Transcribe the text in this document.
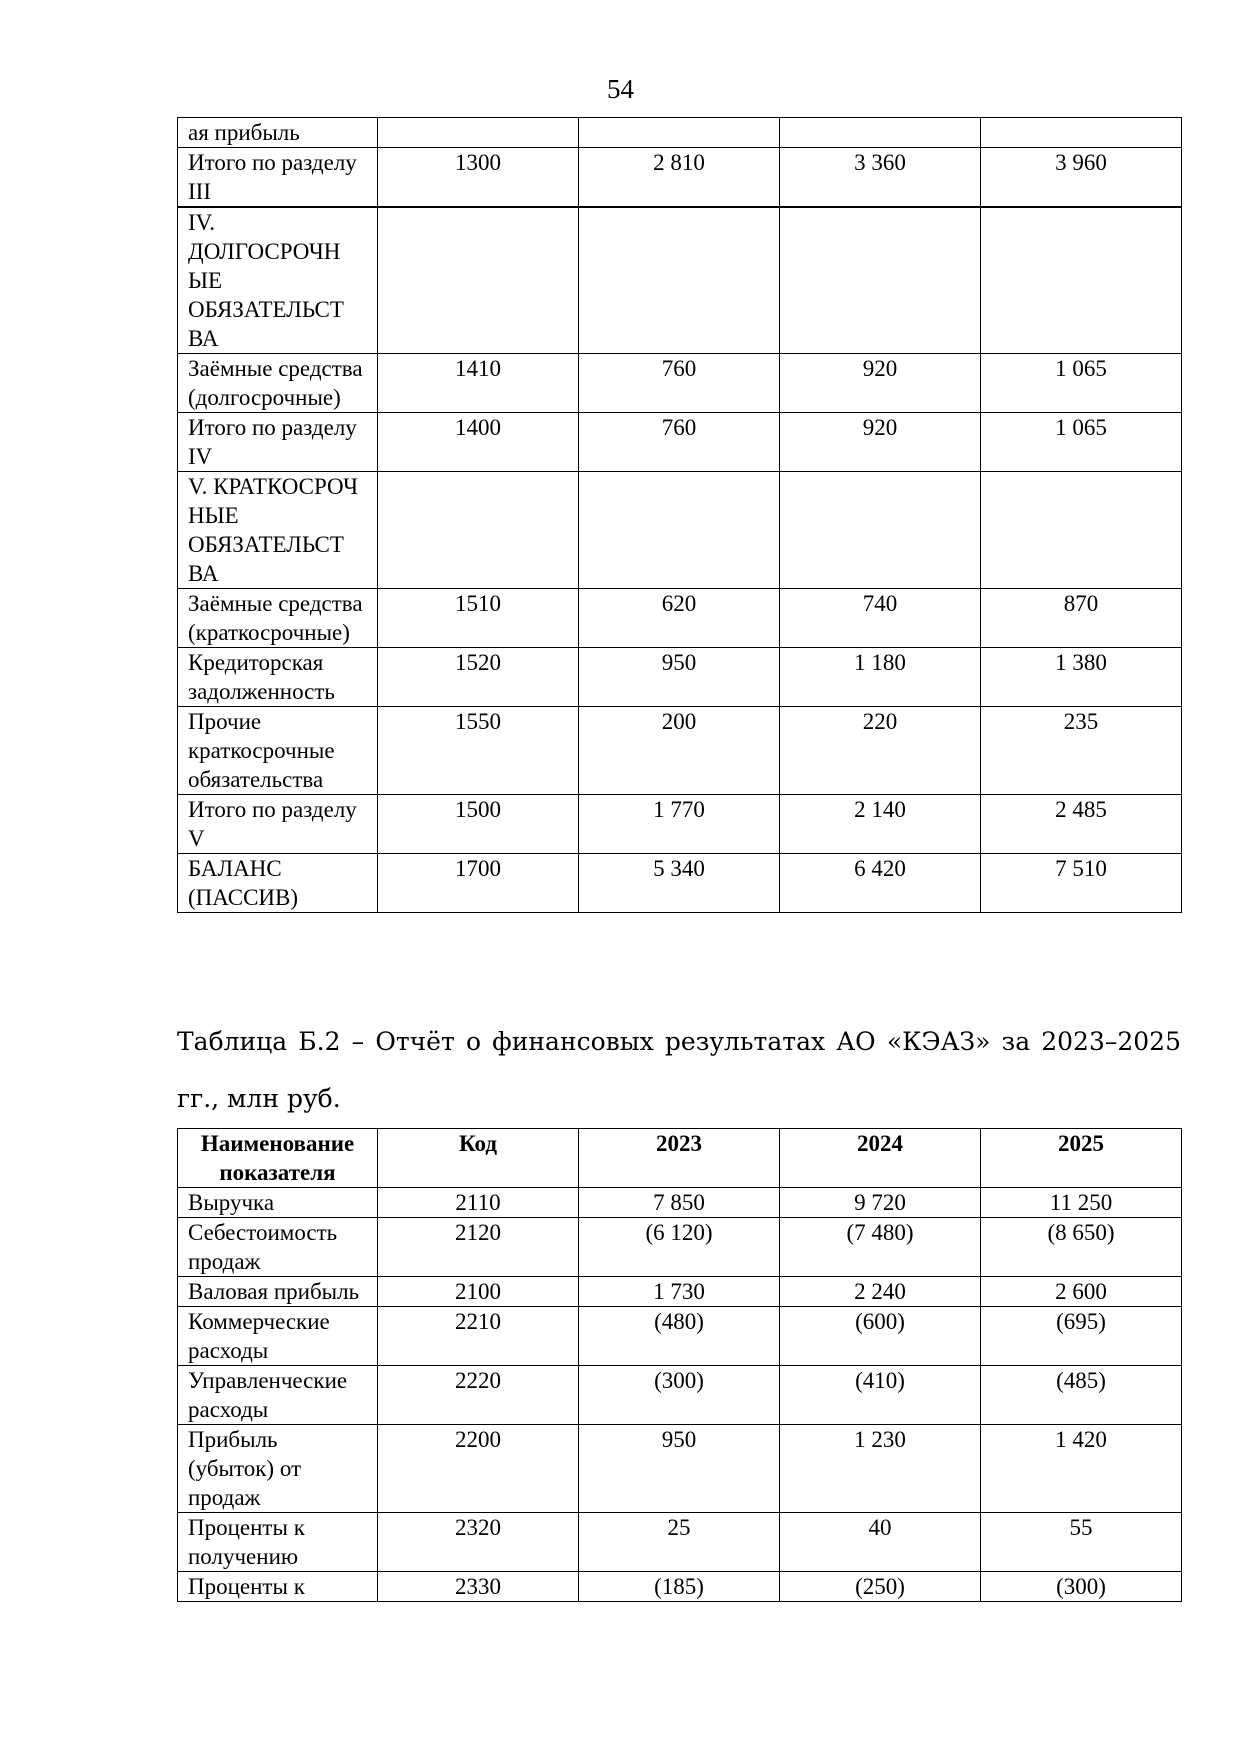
54
ая прибыль				
Итого по разделу III	1300	2 810	3 360	3 960
IV. ДОЛГОСРОЧН ЫЕ ОБЯЗАТЕЛЬСТ ВА				
Заёмные средства (долгосрочные)	1410	760	920	1 065
Итого по разделу IV	1400	760	920	1 065
V. КРАТКОСРОЧ НЫЕ ОБЯЗАТЕЛЬСТ ВА				
Заёмные средства (краткосрочные)	1510	620	740	870
Кредиторская задолженность	1520	950	1 180	1 380
Прочие краткосрочные обязательства	1550	200	220	235
Итого по разделу V	1500	1 770	2 140	2 485
БАЛАНС (ПАССИВ)	1700	5 340	6 420	7 510
Таблица Б.2 – Отчёт о финансовых результатах АО «КЭАЗ» за 2023–2025 гг., млн руб.
Наименование показателя	Код	2023	2024	2025
Выручка	2110	7 850	9 720	11 250
Себестоимость продаж	2120	(6 120)	(7 480)	(8 650)
Валовая прибыль	2100	1 730	2 240	2 600
Коммерческие расходы	2210	(480)	(600)	(695)
Управленческие расходы	2220	(300)	(410)	(485)
Прибыль (убыток) от продаж	2200	950	1 230	1 420
Проценты к получению	2320	25	40	55
Проценты к	2330	(185)	(250)	(300)
